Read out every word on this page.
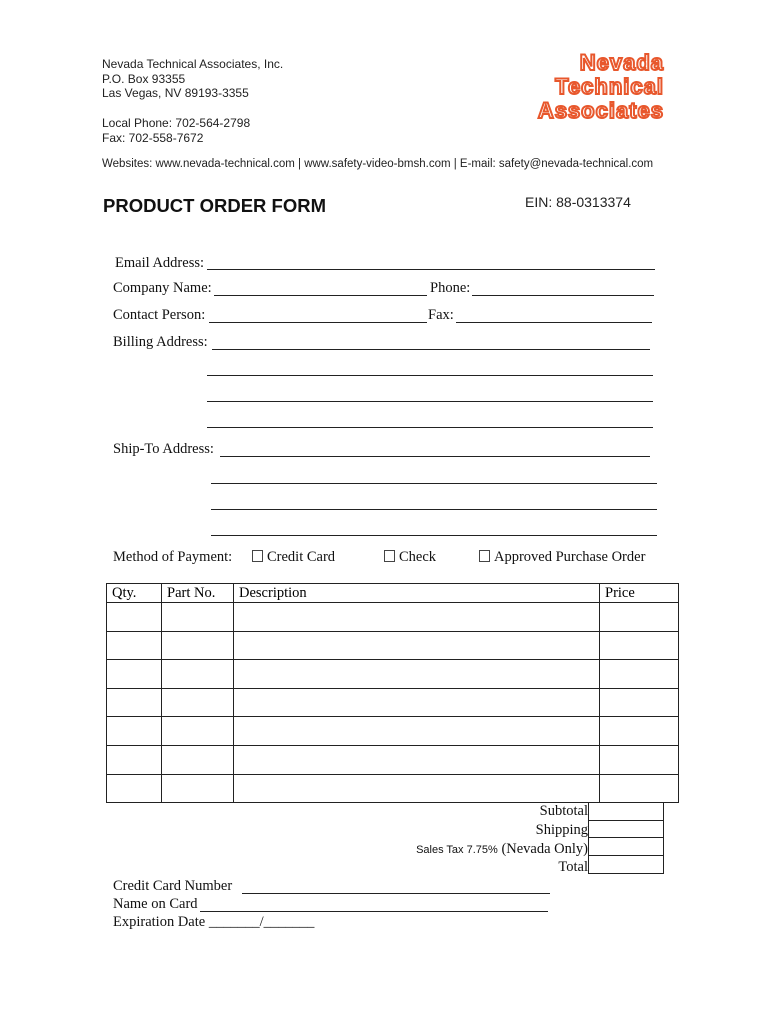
Nevada Technical Associates, Inc.
P.O. Box 93355
Las Vegas, NV 89193-3355
Local Phone: 702-564-2798
Fax: 702-558-7672
Nevada
Technical
Associates
Websites: www.nevada-technical.com | www.safety-video-bmsh.com | E-mail: safety@nevada-technical.com
PRODUCT ORDER FORM	EIN: 88-0313374
Email Address:
Company Name:	Phone:
Contact Person:	Fax:
Billing Address:
Ship-To Address:
Method of Payment:	Credit Card	Check	Approved Purchase Order
Qty.	Part No.	Description	Price

Subtotal
Shipping
Sales Tax 7.75% (Nevada Only)
Total
Credit Card Number
Name on Card
Expiration Date _______/_______
